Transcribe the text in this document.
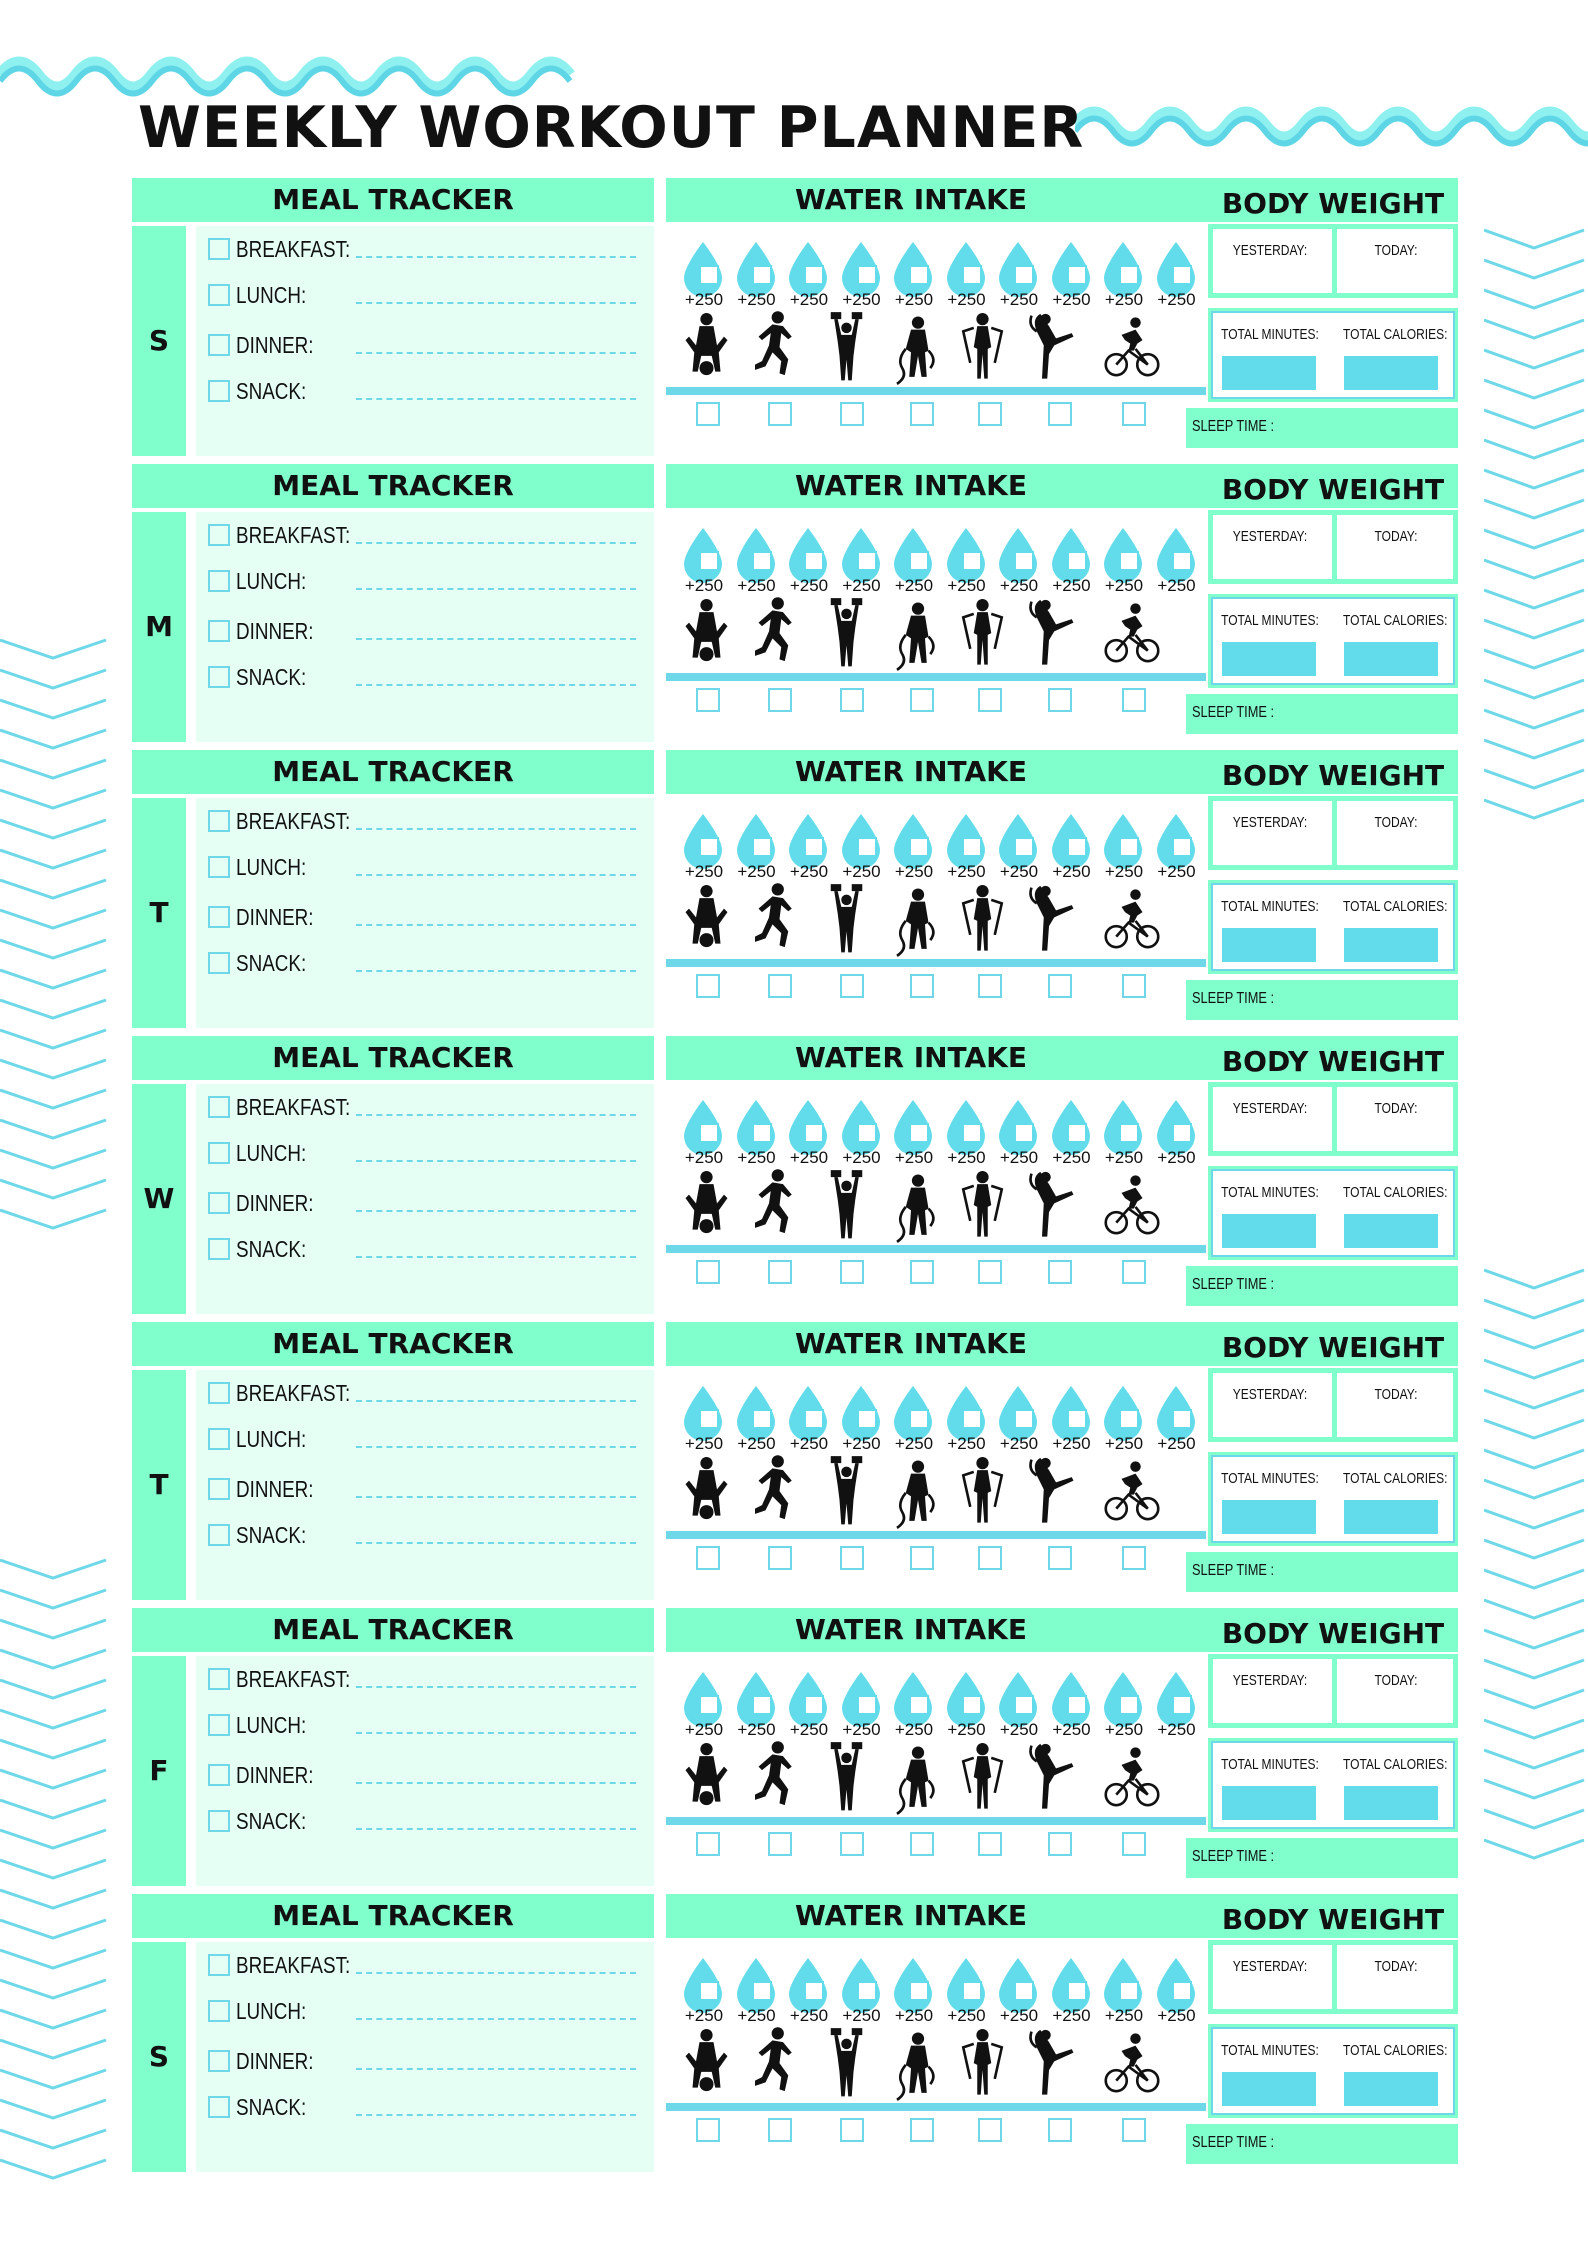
WEEKLY WORKOUT PLANNER
MEAL TRACKER	WATER INTAKE	BODY WEIGHT
S
BREAKFAST:
LUNCH:
DINNER:
SNACK:
+250 +250 +250 +250 +250 +250 +250 +250 +250 +250
YESTERDAY:	TODAY:
TOTAL MINUTES: TOTAL CALORIES:
SLEEP TIME :
MEAL TRACKER	WATER INTAKE	BODY WEIGHT
M
BREAKFAST:
LUNCH:
DINNER:
SNACK:
+250 +250 +250 +250 +250 +250 +250 +250 +250 +250
YESTERDAY:	TODAY:
TOTAL MINUTES: TOTAL CALORIES:
SLEEP TIME :
MEAL TRACKER	WATER INTAKE	BODY WEIGHT
T
BREAKFAST:
LUNCH:
DINNER:
SNACK:
+250 +250 +250 +250 +250 +250 +250 +250 +250 +250
YESTERDAY:	TODAY:
TOTAL MINUTES: TOTAL CALORIES:
SLEEP TIME :
MEAL TRACKER	WATER INTAKE	BODY WEIGHT
W
BREAKFAST:
LUNCH:
DINNER:
SNACK:
+250 +250 +250 +250 +250 +250 +250 +250 +250 +250
YESTERDAY:	TODAY:
TOTAL MINUTES: TOTAL CALORIES:
SLEEP TIME :
MEAL TRACKER	WATER INTAKE	BODY WEIGHT
T
BREAKFAST:
LUNCH:
DINNER:
SNACK:
+250 +250 +250 +250 +250 +250 +250 +250 +250 +250
YESTERDAY:	TODAY:
TOTAL MINUTES: TOTAL CALORIES:
SLEEP TIME :
MEAL TRACKER	WATER INTAKE	BODY WEIGHT
F
BREAKFAST:
LUNCH:
DINNER:
SNACK:
+250 +250 +250 +250 +250 +250 +250 +250 +250 +250
YESTERDAY:	TODAY:
TOTAL MINUTES: TOTAL CALORIES:
SLEEP TIME :
MEAL TRACKER	WATER INTAKE	BODY WEIGHT
S
BREAKFAST:
LUNCH:
DINNER:
SNACK:
+250 +250 +250 +250 +250 +250 +250 +250 +250 +250
YESTERDAY:	TODAY:
TOTAL MINUTES: TOTAL CALORIES:
SLEEP TIME :
